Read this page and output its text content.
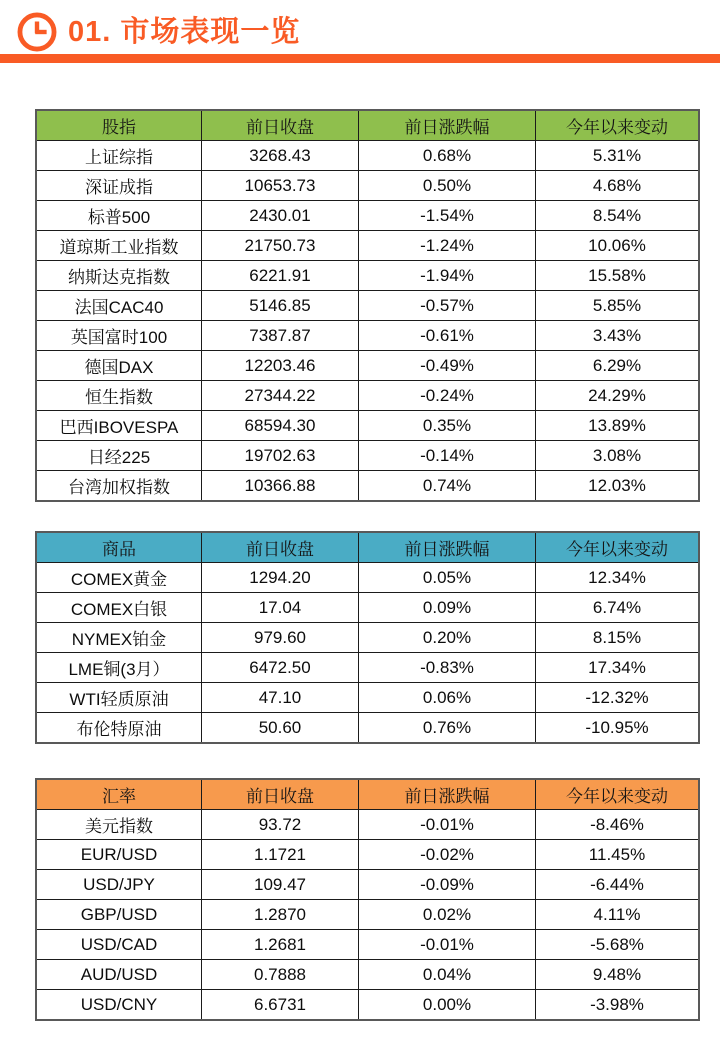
01. 市场表现一览
股指	前日收盘	前日涨跌幅	今年以来变动
上证综指	3268.43	0.68%	5.31%
深证成指	10653.73	0.50%	4.68%
标普500	2430.01	-1.54%	8.54%
道琼斯工业指数	21750.73	-1.24%	10.06%
纳斯达克指数	6221.91	-1.94%	15.58%
法国CAC40	5146.85	-0.57%	5.85%
英国富时100	7387.87	-0.61%	3.43%
德国DAX	12203.46	-0.49%	6.29%
恒生指数	27344.22	-0.24%	24.29%
巴西IBOVESPA	68594.30	0.35%	13.89%
日经225	19702.63	-0.14%	3.08%
台湾加权指数	10366.88	0.74%	12.03%
商品	前日收盘	前日涨跌幅	今年以来变动
COMEX黄金	1294.20	0.05%	12.34%
COMEX白银	17.04	0.09%	6.74%
NYMEX铂金	979.60	0.20%	8.15%
LME铜(3月）	6472.50	-0.83%	17.34%
WTI轻质原油	47.10	0.06%	-12.32%
布伦特原油	50.60	0.76%	-10.95%
汇率	前日收盘	前日涨跌幅	今年以来变动
美元指数	93.72	-0.01%	-8.46%
EUR/USD	1.1721	-0.02%	11.45%
USD/JPY	109.47	-0.09%	-6.44%
GBP/USD	1.2870	0.02%	4.11%
USD/CAD	1.2681	-0.01%	-5.68%
AUD/USD	0.7888	0.04%	9.48%
USD/CNY	6.6731	0.00%	-3.98%
